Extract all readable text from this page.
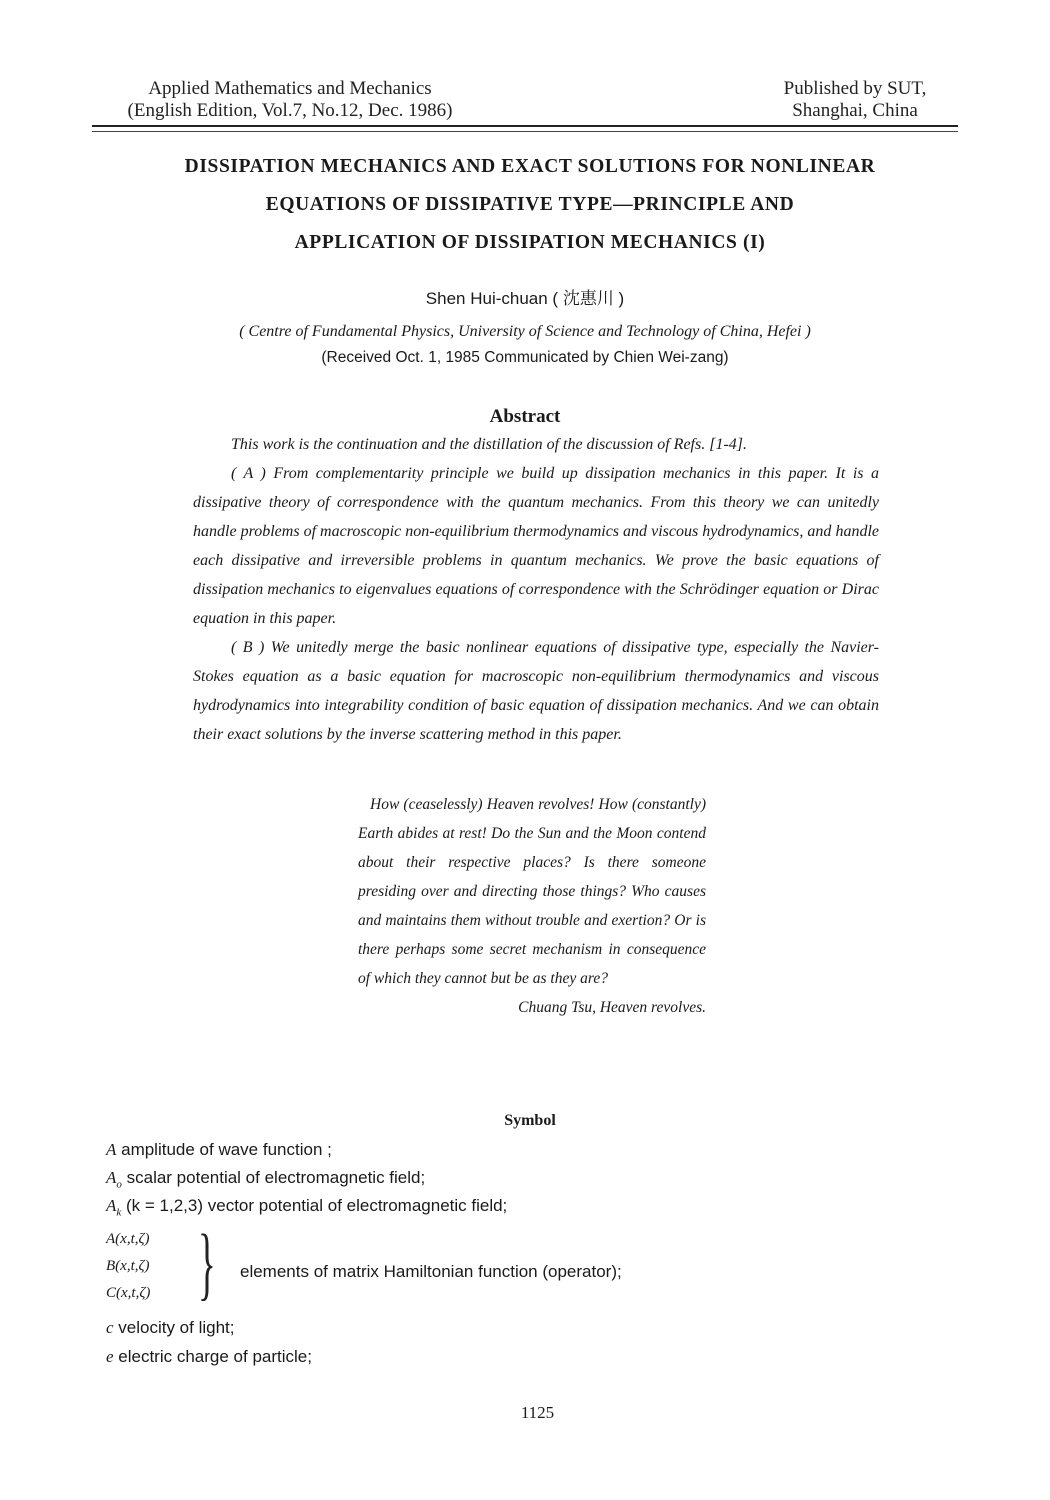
Applied Mathematics and Mechanics
(English Edition, Vol.7, No.12, Dec. 1986)
Published by SUT,
Shanghai, China
DISSIPATION MECHANICS AND EXACT SOLUTIONS FOR NONLINEAR
EQUATIONS OF DISSIPATIVE TYPE—PRINCIPLE AND
APPLICATION OF DISSIPATION MECHANICS (I)
Shen Hui-chuan ( 沈惠川 )
( Centre of Fundamental Physics, University of Science and Technology of China, Hefei )
(Received Oct. 1, 1985 Communicated by Chien Wei-zang)
Abstract

This work is the continuation and the distillation of the discussion of Refs. [1-4].

( A ) From complementarity principle we build up dissipation mechanics in this paper. It is a dissipative theory of correspondence with the quantum mechanics. From this theory we can unitedly handle problems of macroscopic non-equilibrium thermodynamics and viscous hydrodynamics, and handle each dissipative and irreversible problems in quantum mechanics. We prove the basic equations of dissipation mechanics to eigenvalues equations of correspondence with the Schrödinger equation or Dirac equation in this paper.

( B ) We unitedly merge the basic nonlinear equations of dissipative type, especially the Navier-Stokes equation as a basic equation for macroscopic non-equilibrium thermodynamics and viscous hydrodynamics into integrability condition of basic equation of dissipation mechanics. And we can obtain their exact solutions by the inverse scattering method in this paper.

How (ceaselessly) Heaven revolves! How (constantly) Earth abides at rest! Do the Sun and the Moon contend about their respective places? Is there someone presiding over and directing those things? Who causes and maintains them without trouble and exertion? Or is there perhaps some secret mechanism in consequence of which they cannot but be as they are?
Chuang Tsu, Heaven revolves.
Symbol
A amplitude of wave function ;
$A_o$ scalar potential of electromagnetic field;
$A_k$ (k = 1,2,3) vector potential of electromagnetic field;
A(x,t,ζ)
B(x,t,ζ)
C(x,t,ζ) } elements of matrix Hamiltonian function (operator);
c velocity of light;
e electric charge of particle;
1125
